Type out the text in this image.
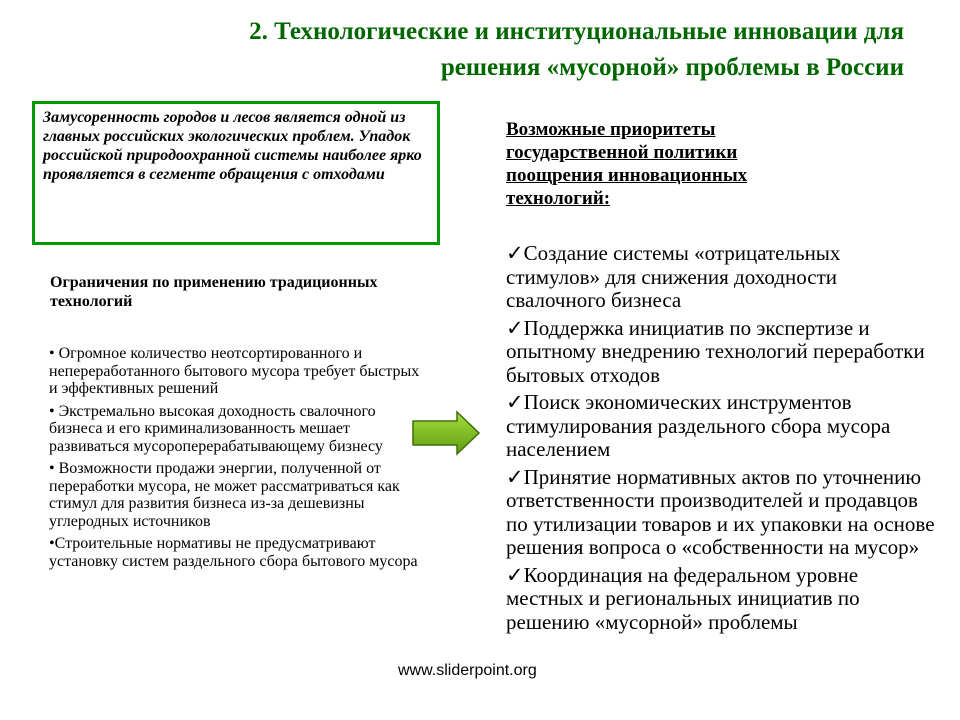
2. Технологические и институциональные инновации для
решения «мусорной» проблемы в России
Замусоренность городов и лесов является одной из главных российских экологических проблем. Упадок российской природоохранной системы наиболее ярко проявляется в сегменте обращения с отходами
Ограничения по применению традиционных технологий
• Огромное количество неотсортированного и непереработанного бытового мусора требует быстрых и эффективных решений
• Экстремально высокая доходность свалочного бизнеса и его криминализованность мешает развиваться мусороперерабатывающему бизнесу
• Возможности продажи энергии, полученной от переработки мусора, не может рассматриваться как стимул для развития бизнеса из-за дешевизны углеродных источников
•Строительные нормативы не предусматривают установку систем раздельного сбора бытового мусора
Возможные приоритеты государственной политики поощрения инновационных технологий:
✓Создание системы «отрицательных стимулов» для снижения доходности свалочного бизнеса
✓Поддержка инициатив по экспертизе и опытному внедрению технологий переработки бытовых отходов
✓Поиск экономических инструментов стимулирования раздельного сбора мусора населением
✓Принятие нормативных актов по уточнению ответственности производителей и продавцов по утилизации товаров и их упаковки на основе решения вопроса о «собственности на мусор»
✓Координация на федеральном уровне местных и региональных инициатив по решению «мусорной» проблемы
www.sliderpoint.org
